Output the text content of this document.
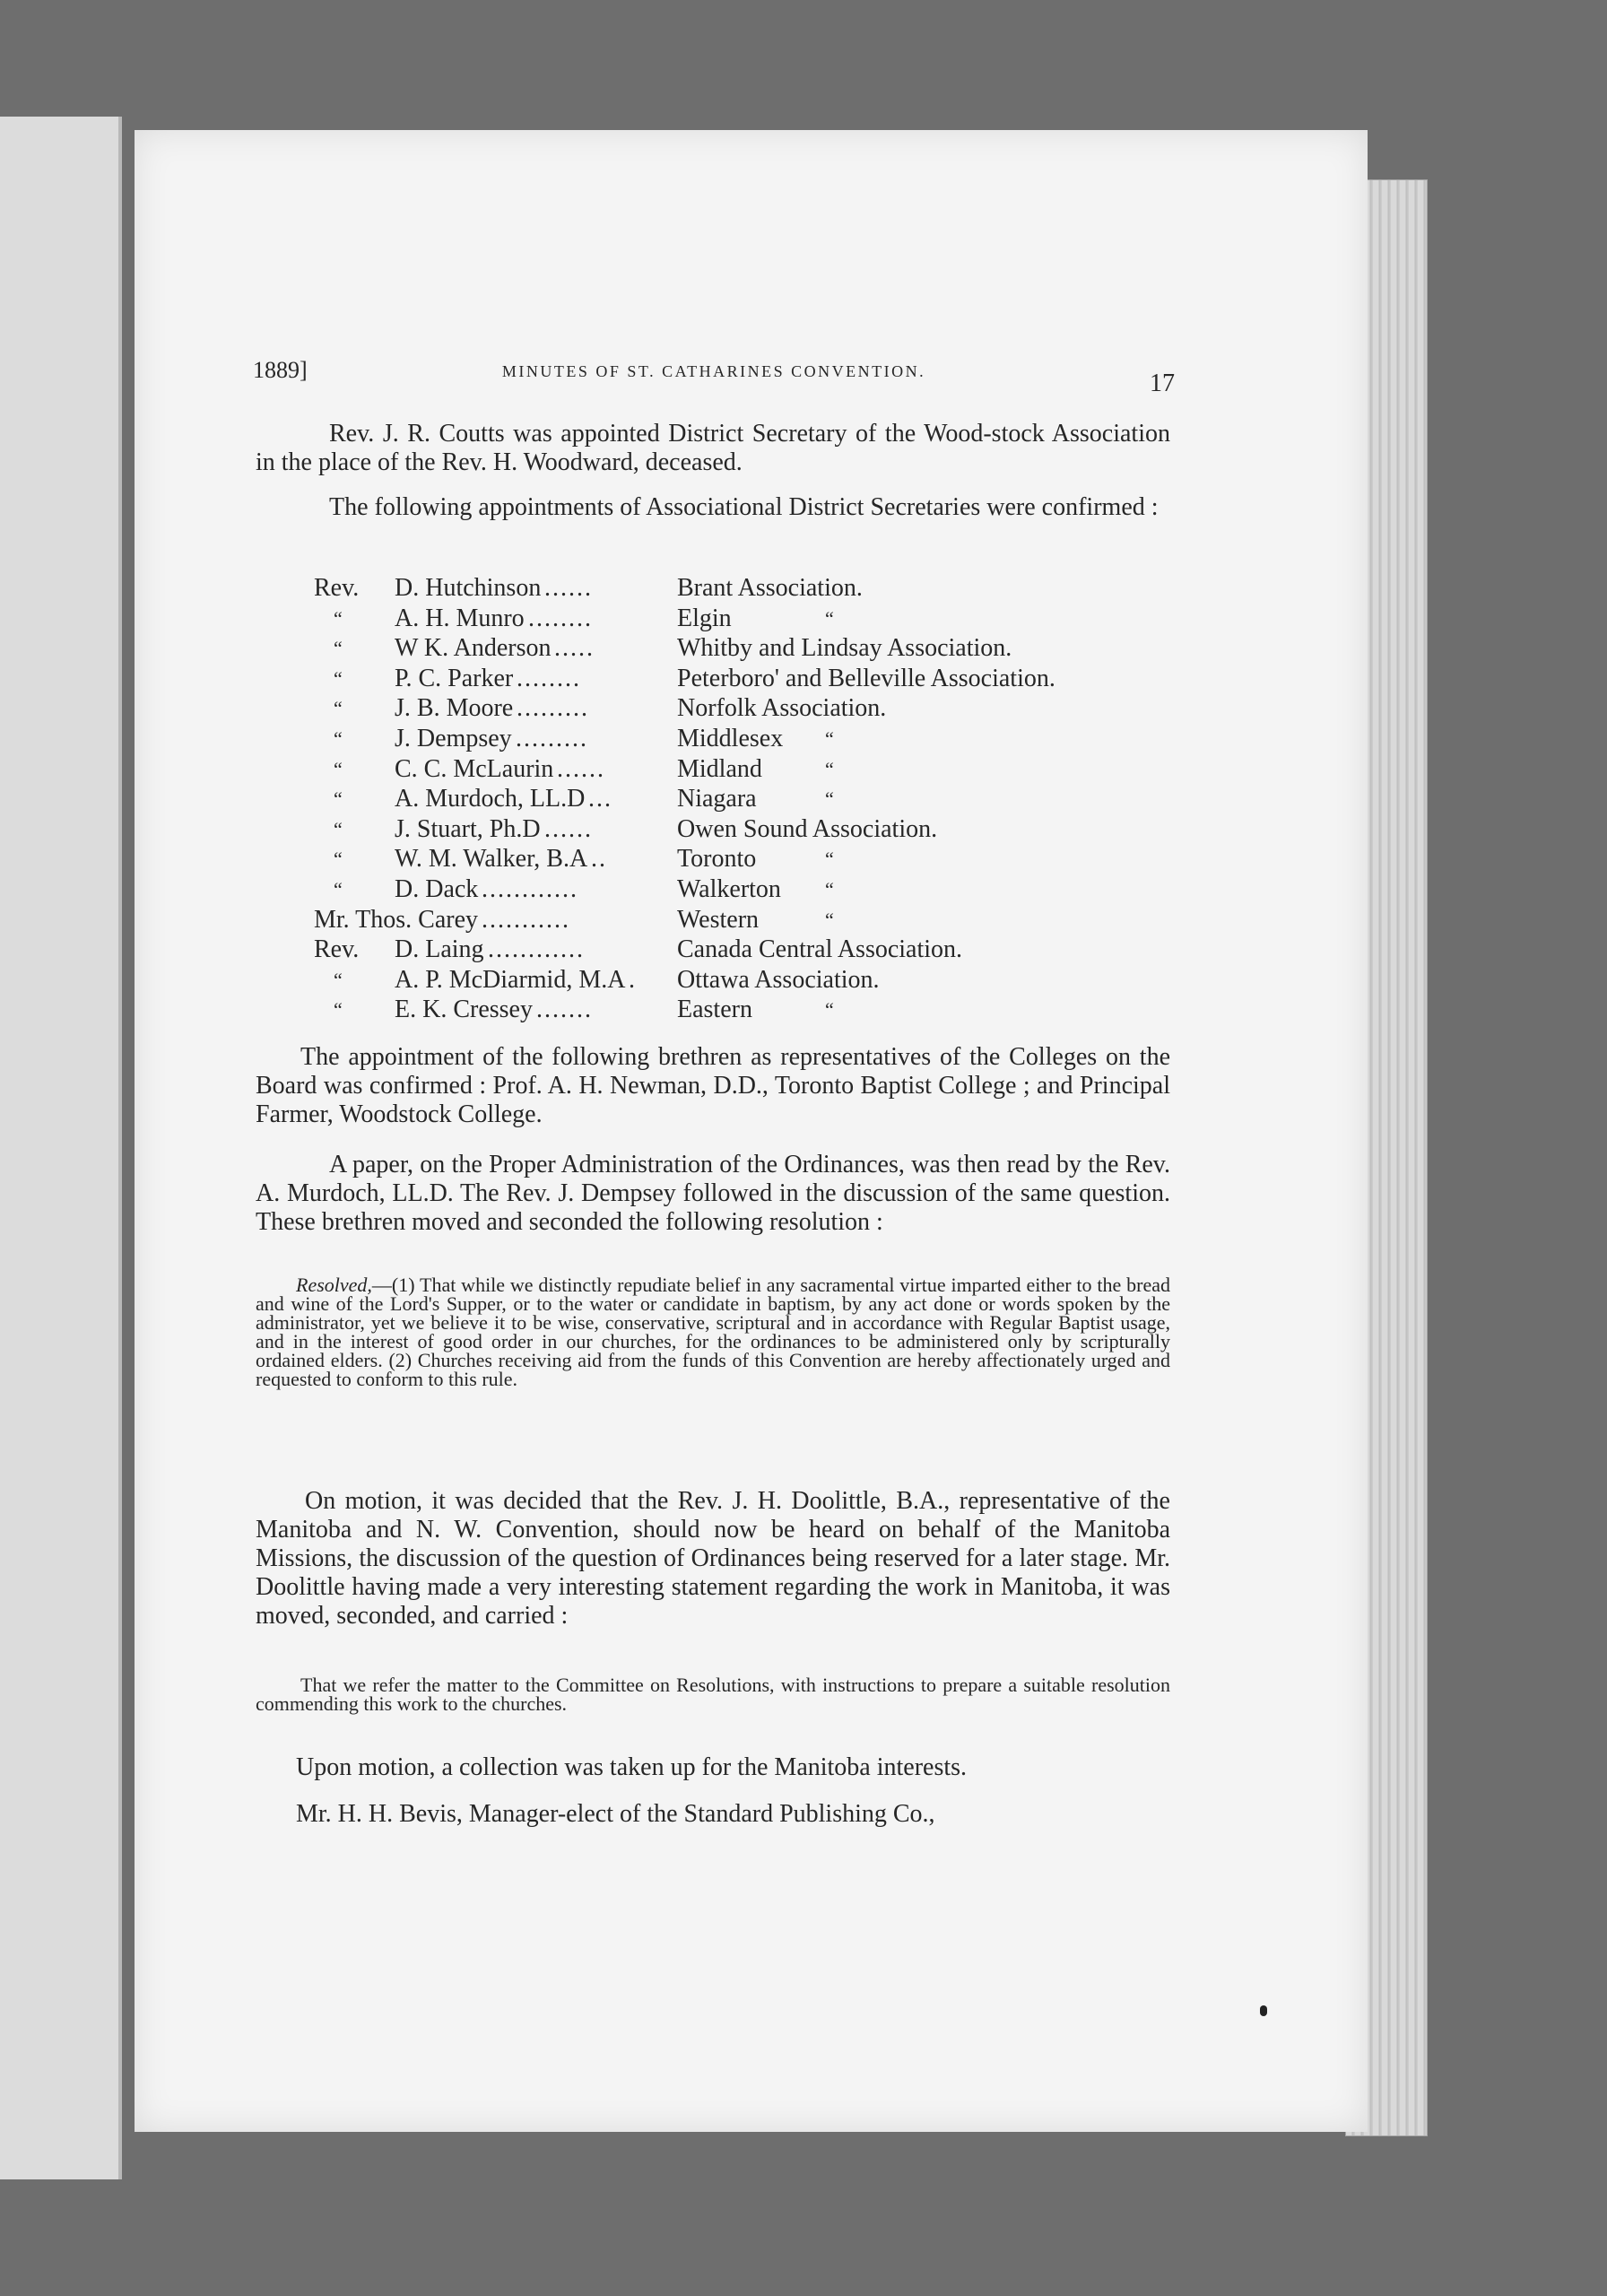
1889]	MINUTES OF ST. CATHARINES CONVENTION.	17
Rev. J. R. Coutts was appointed District Secretary of the Wood-stock Association in the place of the Rev. H. Woodward, deceased.
The following appointments of Associational District Secretaries were confirmed :
Rev. D. Hutchinson ......	Brant Association.
“ A. H. Munro ........	Elgin	“
“ W K. Anderson .....	Whitby and Lindsay Association.
“ P. C. Parker ........	Peterboro' and Belleville Association.
“ J. B. Moore .........	Norfolk Association.
“ J. Dempsey .........	Middlesex “
“ C. C. McLaurin ......	Midland	“
“ A. Murdoch, LL.D ...	Niagara	“
“ J. Stuart, Ph.D ......	Owen Sound Association.
“ W. M. Walker, B.A ..	Toronto	“
“ D. Dack ............	Walkerton “
Mr. Thos. Carey ...........	Western	“
Rev. D. Laing ............	Canada Central Association.
“ A. P. McDiarmid, M.A .	Ottawa Association.
“ E. K. Cressey .......	Eastern	“
The appointment of the following brethren as representatives of the Colleges on the Board was confirmed : Prof. A. H. Newman, D.D., Toronto Baptist College ; and Principal Farmer, Woodstock College.
A paper, on the Proper Administration of the Ordinances, was then read by the Rev. A. Murdoch, LL.D. The Rev. J. Dempsey followed in the discussion of the same question. These brethren moved and seconded the following resolution :
Resolved,—(1) That while we distinctly repudiate belief in any sacramental virtue imparted either to the bread and wine of the Lord's Supper, or to the water or candidate in baptism, by any act done or words spoken by the administrator, yet we believe it to be wise, conservative, scriptural and in accordance with Regular Baptist usage, and in the interest of good order in our churches, for the ordinances to be administered only by scripturally ordained elders. (2) Churches receiving aid from the funds of this Convention are hereby affectionately urged and requested to conform to this rule.
On motion, it was decided that the Rev. J. H. Doolittle, B.A., representative of the Manitoba and N. W. Convention, should now be heard on behalf of the Manitoba Missions, the discussion of the question of Ordinances being reserved for a later stage. Mr. Doolittle having made a very interesting statement regarding the work in Manitoba, it was moved, seconded, and carried :
That we refer the matter to the Committee on Resolutions, with instructions to prepare a suitable resolution commending this work to the churches.
Upon motion, a collection was taken up for the Manitoba interests.
Mr. H. H. Bevis, Manager-elect of the Standard Publishing Co.,
